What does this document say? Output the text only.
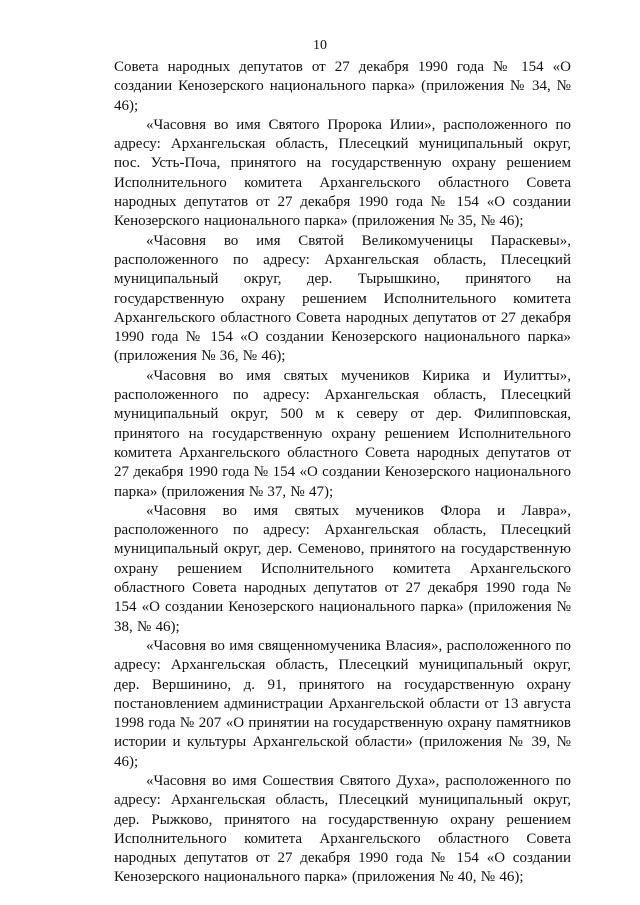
10

Совета народных депутатов от 27 декабря 1990 года № 154 «О создании Кенозерского национального парка» (приложения № 34, № 46);

«Часовня во имя Святого Пророка Илии», расположенного по адресу: Архангельская область, Плесецкий муниципальный округ, пос. Усть-Поча, принятого на государственную охрану решением Исполнительного комитета Архангельского областного Совета народных депутатов от 27 декабря 1990 года № 154 «О создании Кенозерского национального парка» (приложения № 35, № 46);

«Часовня во имя Святой Великомученицы Параскевы», расположенного по адресу: Архангельская область, Плесецкий муниципальный округ, дер. Тырышкино, принятого на государственную охрану решением Исполнительного комитета Архангельского областного Совета народных депутатов от 27 декабря 1990 года № 154 «О создании Кенозерского национального парка» (приложения № 36, № 46);

«Часовня во имя святых мучеников Кирика и Иулитты», расположенного по адресу: Архангельская область, Плесецкий муниципальный округ, 500 м к северу от дер. Филипповская, принятого на государственную охрану решением Исполнительного комитета Архангельского областного Совета народных депутатов от 27 декабря 1990 года № 154 «О создании Кенозерского национального парка» (приложения № 37, № 47);

«Часовня во имя святых мучеников Флора и Лавра», расположенного по адресу: Архангельская область, Плесецкий муниципальный округ, дер. Семеново, принятого на государственную охрану решением Исполнительного комитета Архангельского областного Совета народных депутатов от 27 декабря 1990 года № 154 «О создании Кенозерского национального парка» (приложения № 38, № 46);

«Часовня во имя священномученика Власия», расположенного по адресу: Архангельская область, Плесецкий муниципальный округ, дер. Вершинино, д. 91, принятого на государственную охрану постановлением администрации Архангельской области от 13 августа 1998 года № 207 «О принятии на государственную охрану памятников истории и культуры Архангельской области» (приложения № 39, № 46);

«Часовня во имя Сошествия Святого Духа», расположенного по адресу: Архангельская область, Плесецкий муниципальный округ, дер. Рыжково, принятого на государственную охрану решением Исполнительного комитета Архангельского областного Совета народных депутатов от 27 декабря 1990 года № 154 «О создании Кенозерского национального парка» (приложения № 40, № 46);
